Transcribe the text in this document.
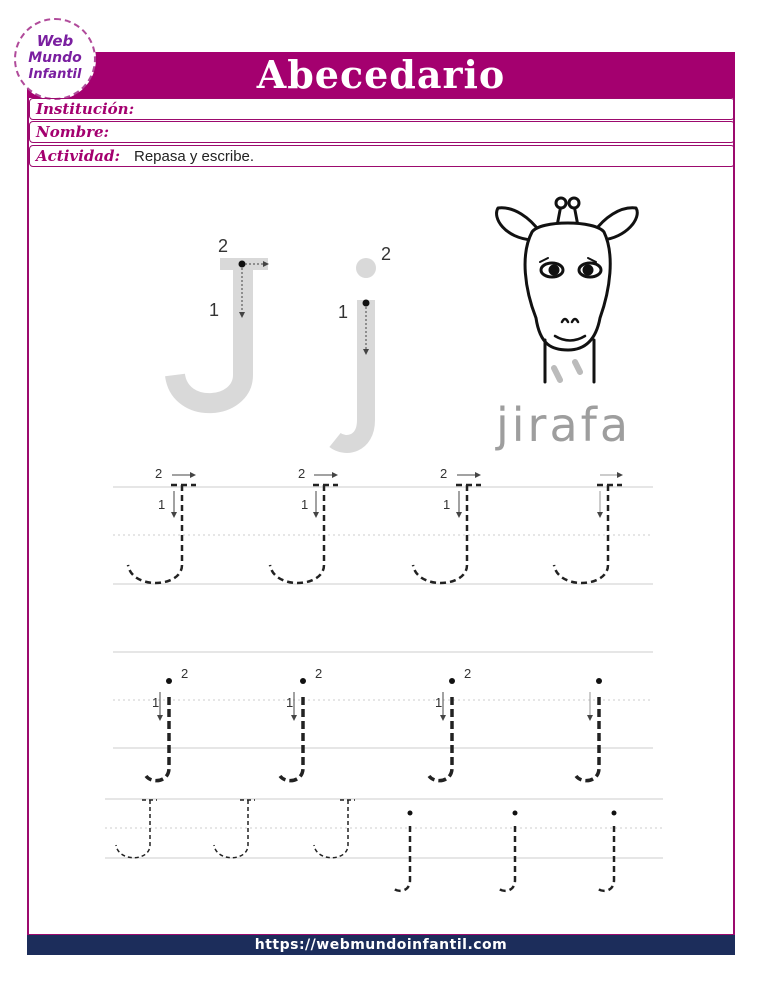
Abecedario
Web
Mundo
Infantil
Institución:
Nombre:
Actividad: Repasa y escribe.
2
1
2
1
jirafa
2
1
2
1
2
1
2
1
2
1
2
1
https://webmundoinfantil.com
